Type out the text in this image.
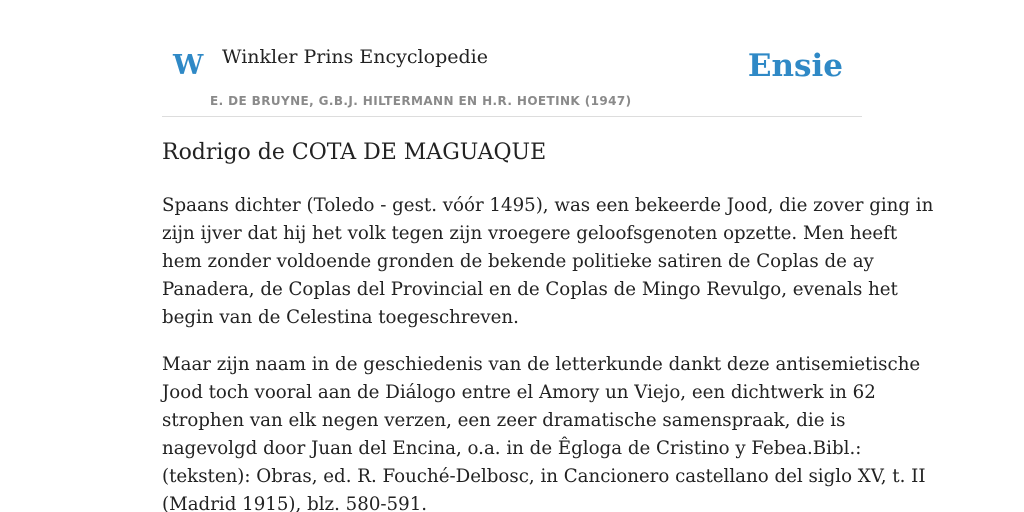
W Winkler Prins Encyclopedie
E. DE BRUYNE, G.B.J. HILTERMANN EN H.R. HOETINK (1947)
Ensie
Rodrigo de COTA DE MAGUAQUE

Spaans dichter (Toledo - gest. vóór 1495), was een bekeerde Jood, die zover ging in
zijn ijver dat hij het volk tegen zijn vroegere geloofsgenoten opzette. Men heeft
hem zonder voldoende gronden de bekende politieke satiren de Coplas de ay
Panadera, de Coplas del Provincial en de Coplas de Mingo Revulgo, evenals het
begin van de Celestina toegeschreven.

Maar zijn naam in de geschiedenis van de letterkunde dankt deze antisemietische
Jood toch vooral aan de Diálogo entre el Amory un Viejo, een dichtwerk in 62
strophen van elk negen verzen, een zeer dramatische samenspraak, die is
nagevolgd door Juan del Encina, o.a. in de Êgloga de Cristino y Febea.Bibl.:
(teksten): Obras, ed. R. Fouché-Delbosc, in Cancionero castellano del siglo XV, t. II
(Madrid 1915), blz. 580-591.
